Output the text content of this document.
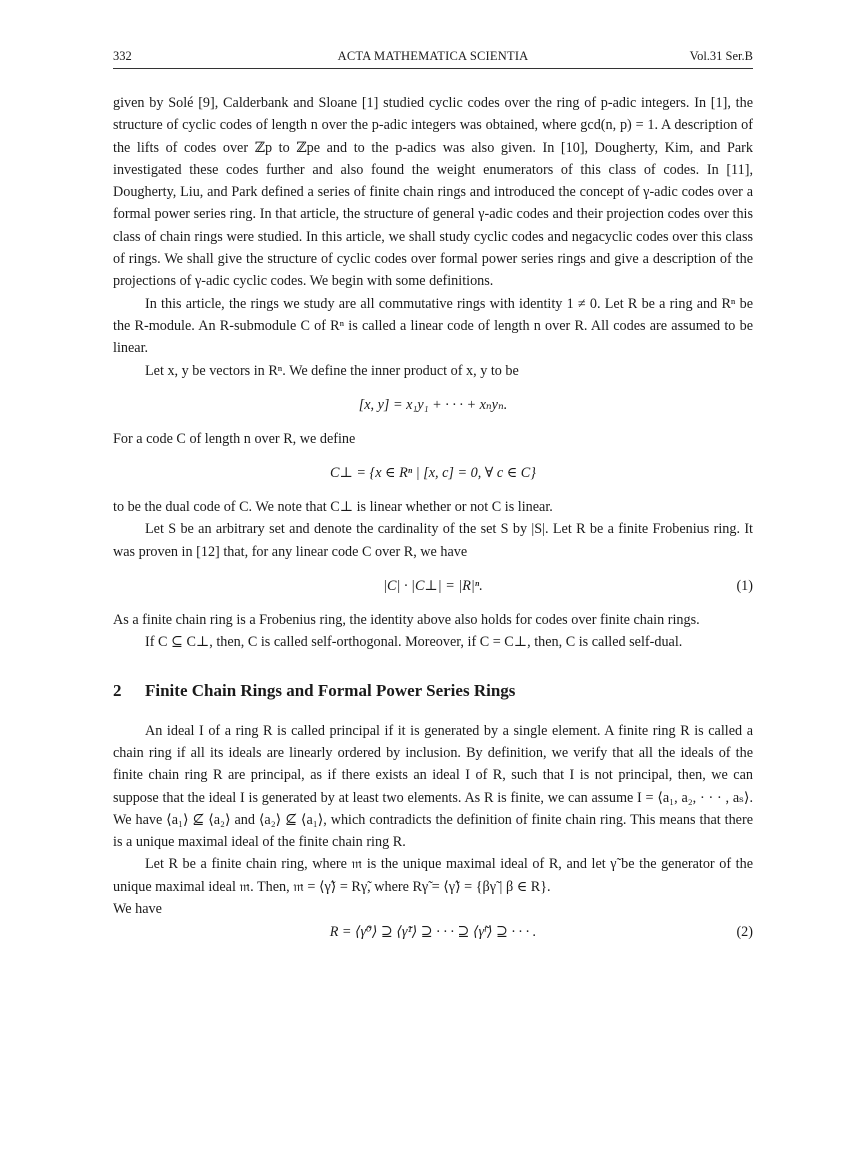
332	ACTA MATHEMATICA SCIENTIA	Vol.31 Ser.B

given by Solé [9], Calderbank and Sloane [1] studied cyclic codes over the ring of p-adic integers. In [1], the structure of cyclic codes of length n over the p-adic integers was obtained, where gcd(n, p) = 1. A description of the lifts of codes over ℤp to ℤpe and to the p-adics was also given. In [10], Dougherty, Kim, and Park investigated these codes further and also found the weight enumerators of this class of codes. In [11], Dougherty, Liu, and Park defined a series of finite chain rings and introduced the concept of γ-adic codes over a formal power series ring. In that article, the structure of general γ-adic codes and their projection codes over this class of chain rings were studied. In this article, we shall study cyclic codes and negacyclic codes over this class of rings. We shall give the structure of cyclic codes over formal power series rings and give a description of the projections of γ-adic cyclic codes. We begin with some definitions.

In this article, the rings we study are all commutative rings with identity 1 ≠ 0. Let R be a ring and Rⁿ be the R-module. An R-submodule C of Rⁿ is called a linear code of length n over R. All codes are assumed to be linear.

Let x, y be vectors in Rⁿ. We define the inner product of x, y to be

[x, y] = x₁y₁ + · · · + xₙyₙ.

For a code C of length n over R, we define

C⊥ = {x ∈ Rⁿ | [x, c] = 0, ∀ c ∈ C}

to be the dual code of C. We note that C⊥ is linear whether or not C is linear.

Let S be an arbitrary set and denote the cardinality of the set S by |S|. Let R be a finite Frobenius ring. It was proven in [12] that, for any linear code C over R, we have

|C| · |C⊥| = |R|ⁿ.	(1)

As a finite chain ring is a Frobenius ring, the identity above also holds for codes over finite chain rings.

If C ⊆ C⊥, then, C is called self-orthogonal. Moreover, if C = C⊥, then, C is called self-dual.

2 Finite Chain Rings and Formal Power Series Rings

An ideal I of a ring R is called principal if it is generated by a single element. A finite ring R is called a chain ring if all its ideals are linearly ordered by inclusion. By definition, we verify that all the ideals of the finite chain ring R are principal, as if there exists an ideal I of R, such that I is not principal, then, we can suppose that the ideal I is generated by at least two elements. As R is finite, we can assume I = ⟨a₁, a₂, · · · , aₛ⟩. We have ⟨a₁⟩ ⊈ ⟨a₂⟩ and ⟨a₂⟩ ⊈ ⟨a₁⟩, which contradicts the definition of finite chain ring. This means that there is a unique maximal ideal of the finite chain ring R.

Let R be a finite chain ring, where 𝔪 is the unique maximal ideal of R, and let γ̃ be the generator of the unique maximal ideal 𝔪. Then, 𝔪 = ⟨γ̃⟩ = Rγ̃, where Rγ̃ = ⟨γ̃⟩ = {βγ̃ | β ∈ R}.

We have

R = ⟨γ̃⁰⟩ ⊇ ⟨γ̃¹⟩ ⊇ · · · ⊇ ⟨γ̃ⁱ⟩ ⊇ · · · .	(2)
